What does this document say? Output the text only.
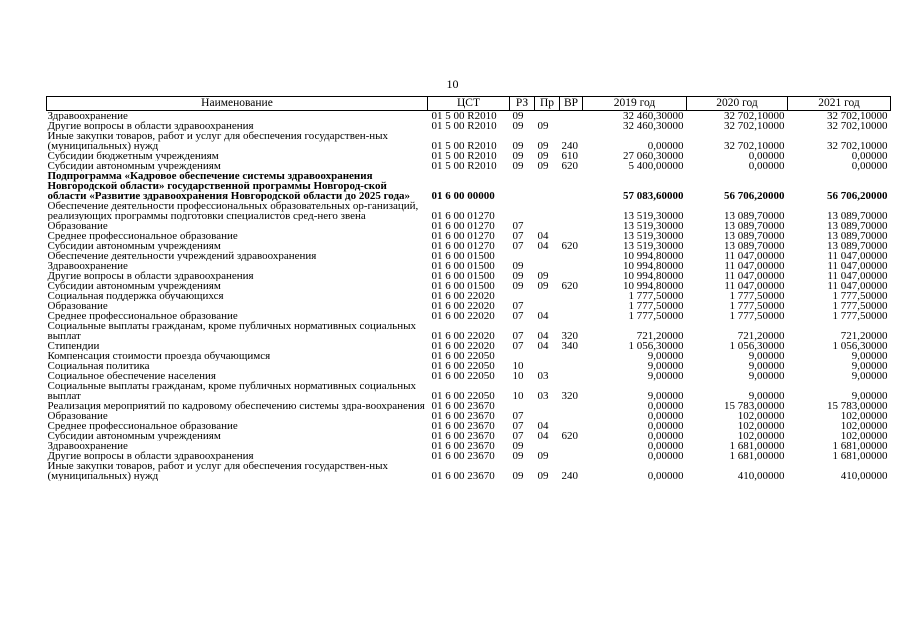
10
Наименование	ЦСТ	РЗ	Пр	ВР	2019 год	2020 год	2021 год
Здравоохранение	01 5 00 R2010	09			32 460,30000	32 702,10000	32 702,10000
Другие вопросы в области здравоохранения	01 5 00 R2010	09	09		32 460,30000	32 702,10000	32 702,10000
Иные закупки товаров, работ и услуг для обеспечения государствен-ных (муниципальных) нужд	01 5 00 R2010	09	09	240	0,00000	32 702,10000	32 702,10000
Субсидии бюджетным учреждениям	01 5 00 R2010	09	09	610	27 060,30000	0,00000	0,00000
Субсидии автономным учреждениям	01 5 00 R2010	09	09	620	5 400,00000	0,00000	0,00000
Подпрограмма «Кадровое обеспечение системы здравоохранения Новгородской области» государственной программы Новгород-ской области «Развитие здравоохранения Новгородской области до 2025 года»	01 6 00 00000				57 083,60000	56 706,20000	56 706,20000
Обеспечение деятельности профессиональных образовательных ор-ганизаций, реализующих программы подготовки специалистов сред-него звена	01 6 00 01270				13 519,30000	13 089,70000	13 089,70000
Образование	01 6 00 01270	07			13 519,30000	13 089,70000	13 089,70000
Среднее профессиональное образование	01 6 00 01270	07	04		13 519,30000	13 089,70000	13 089,70000
Субсидии автономным учреждениям	01 6 00 01270	07	04	620	13 519,30000	13 089,70000	13 089,70000
Обеспечение деятельности учреждений здравоохранения	01 6 00 01500				10 994,80000	11 047,00000	11 047,00000
Здравоохранение	01 6 00 01500	09			10 994,80000	11 047,00000	11 047,00000
Другие вопросы в области здравоохранения	01 6 00 01500	09	09		10 994,80000	11 047,00000	11 047,00000
Субсидии автономным учреждениям	01 6 00 01500	09	09	620	10 994,80000	11 047,00000	11 047,00000
Социальная поддержка обучающихся	01 6 00 22020				1 777,50000	1 777,50000	1 777,50000
Образование	01 6 00 22020	07			1 777,50000	1 777,50000	1 777,50000
Среднее профессиональное образование	01 6 00 22020	07	04		1 777,50000	1 777,50000	1 777,50000
Социальные выплаты гражданам, кроме публичных нормативных социальных выплат	01 6 00 22020	07	04	320	721,20000	721,20000	721,20000
Стипендии	01 6 00 22020	07	04	340	1 056,30000	1 056,30000	1 056,30000
Компенсация стоимости проезда обучающимся	01 6 00 22050				9,00000	9,00000	9,00000
Социальная политика	01 6 00 22050	10			9,00000	9,00000	9,00000
Социальное обеспечение населения	01 6 00 22050	10	03		9,00000	9,00000	9,00000
Социальные выплаты гражданам, кроме публичных нормативных социальных выплат	01 6 00 22050	10	03	320	9,00000	9,00000	9,00000
Реализация мероприятий по кадровому обеспечению системы здра-воохранения	01 6 00 23670				0,00000	15 783,00000	15 783,00000
Образование	01 6 00 23670	07			0,00000	102,00000	102,00000
Среднее профессиональное образование	01 6 00 23670	07	04		0,00000	102,00000	102,00000
Субсидии автономным учреждениям	01 6 00 23670	07	04	620	0,00000	102,00000	102,00000
Здравоохранение	01 6 00 23670	09			0,00000	1 681,00000	1 681,00000
Другие вопросы в области здравоохранения	01 6 00 23670	09	09		0,00000	1 681,00000	1 681,00000
Иные закупки товаров, работ и услуг для обеспечения государствен-ных (муниципальных) нужд	01 6 00 23670	09	09	240	0,00000	410,00000	410,00000
